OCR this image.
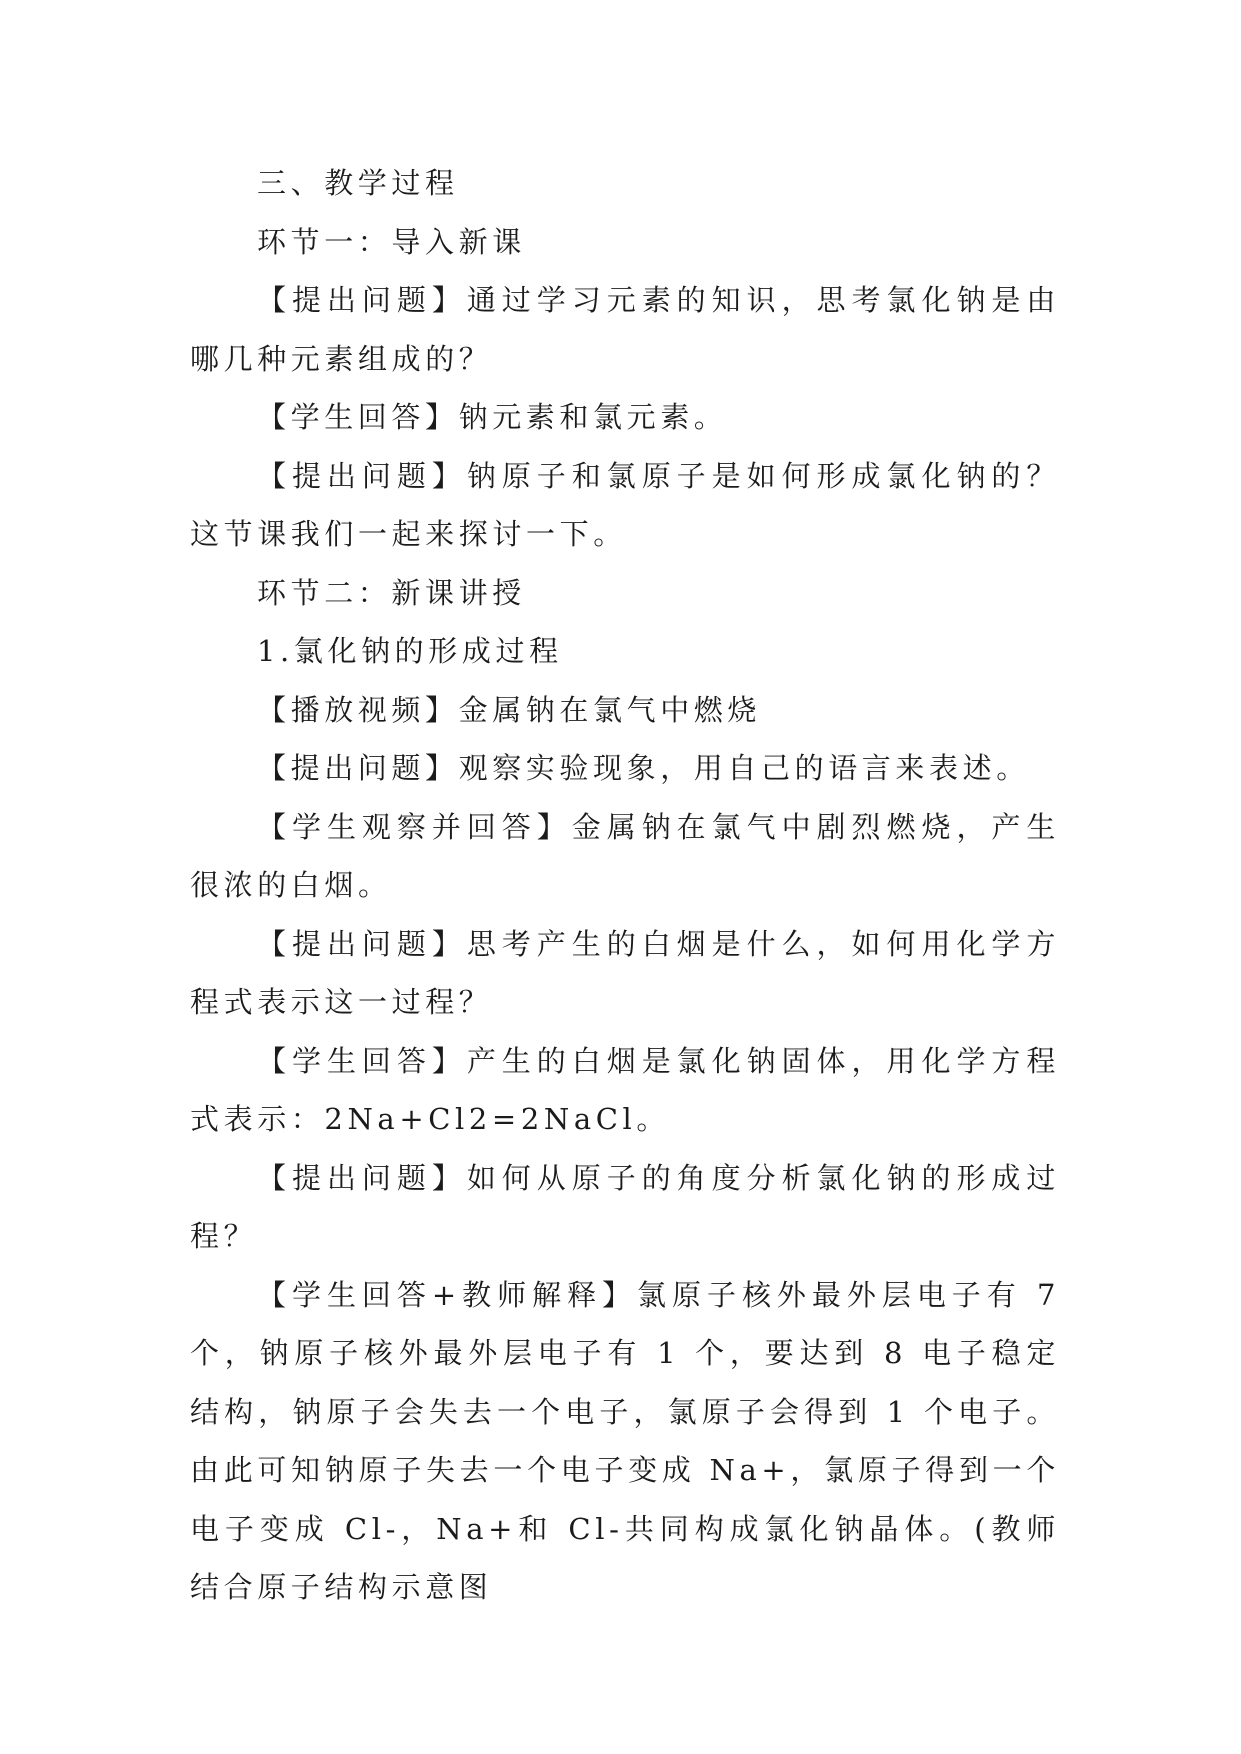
三、教学过程

环节一：导入新课

【提出问题】通过学习元素的知识，思考氯化钠是由哪几种元素组成的？

【学生回答】钠元素和氯元素。

【提出问题】钠原子和氯原子是如何形成氯化钠的？这节课我们一起来探讨一下。

环节二：新课讲授

1.氯化钠的形成过程

【播放视频】金属钠在氯气中燃烧

【提出问题】观察实验现象，用自己的语言来表述。

【学生观察并回答】金属钠在氯气中剧烈燃烧，产生很浓的白烟。

【提出问题】思考产生的白烟是什么，如何用化学方程式表示这一过程？

【学生回答】产生的白烟是氯化钠固体，用化学方程式表示：2Na+Cl2=2NaCl。

【提出问题】如何从原子的角度分析氯化钠的形成过程？

【学生回答+教师解释】氯原子核外最外层电子有 7 个，钠原子核外最外层电子有 1 个，要达到 8 电子稳定结构，钠原子会失去一个电子，氯原子会得到 1 个电子。由此可知钠原子失去一个电子变成 Na+，氯原子得到一个电子变成 Cl-，Na+和 Cl-共同构成氯化钠晶体。(教师结合原子结构示意图
